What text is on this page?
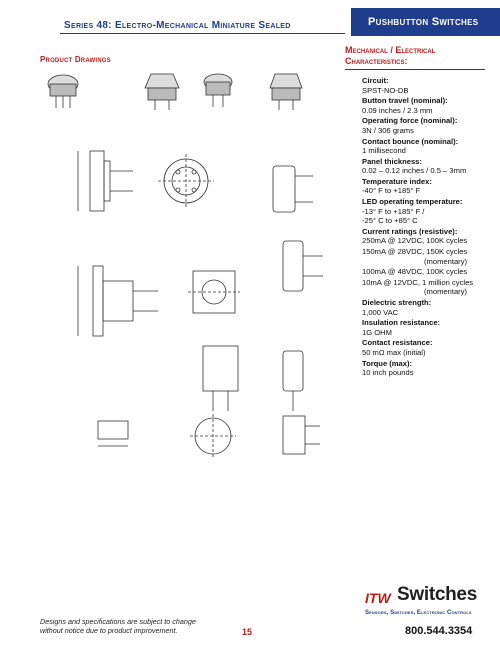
Series 48: Electro-Mechanical Miniature Sealed	Pushbutton Switches
Product Drawings
Mechanical / Electrical
Characteristics:
Circuit:
SPST-NO-DB
Button travel (nominal):
0.09 inches / 2.3 mm
Operating force (nominal):
3N / 306 grams
Contact bounce (nominal):
1 millisecond
Panel thickness:
0.02 – 0.12 inches / 0.5 – 3mm
Temperature index:
-40° F to +185° F
LED operating temperature:
-13° F to +185° F /
-25° C to +85° C
Current ratings (resistive):
250mA @ 12VDC, 100K cycles
150mA @ 28VDC, 150K cycles
(momentary)
100mA @ 48VDC, 100K cycles
10mA @ 12VDC, 1 million cycles
(momentary)
Dielectric strength:
1,000 VAC
Insulation resistance:
1G OHM
Contact resistance:
50 mΩ max (initial)
Torque (max):
10 inch pounds
Designs and specifications are subject to change
without notice due to product improvement.	15
ITW Switches
Sensors, Switches, Electronic Controls
800.544.3354
